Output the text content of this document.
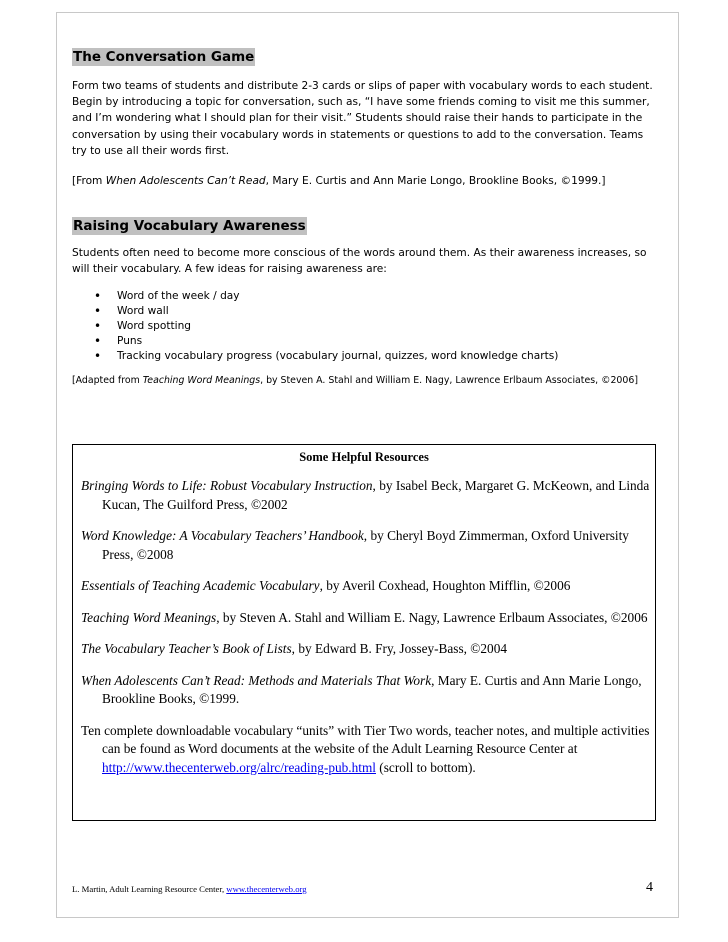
The Conversation Game
Form two teams of students and distribute 2-3 cards or slips of paper with vocabulary words to each student.
Begin by introducing a topic for conversation, such as, “I have some friends coming to visit me this summer,
and I’m wondering what I should plan for their visit.” Students should raise their hands to participate in the
conversation by using their vocabulary words in statements or questions to add to the conversation. Teams
try to use all their words first.

[From When Adolescents Can’t Read, Mary E. Curtis and Ann Marie Longo, Brookline Books, ©1999.]

Raising Vocabulary Awareness
Students often need to become more conscious of the words around them. As their awareness increases, so
will their vocabulary. A few ideas for raising awareness are:
• Word of the week / day
• Word wall
• Word spotting
• Puns
• Tracking vocabulary progress (vocabulary journal, quizzes, word knowledge charts)

[Adapted from Teaching Word Meanings, by Steven A. Stahl and William E. Nagy, Lawrence Erlbaum Associates, ©2006]

Some Helpful Resources

Bringing Words to Life: Robust Vocabulary Instruction, by Isabel Beck, Margaret G. McKeown, and Linda Kucan, The Guilford Press, ©2002

Word Knowledge: A Vocabulary Teachers’ Handbook, by Cheryl Boyd Zimmerman, Oxford University Press, ©2008

Essentials of Teaching Academic Vocabulary, by Averil Coxhead, Houghton Mifflin, ©2006

Teaching Word Meanings, by Steven A. Stahl and William E. Nagy, Lawrence Erlbaum Associates, ©2006

The Vocabulary Teacher’s Book of Lists, by Edward B. Fry, Jossey-Bass, ©2004

When Adolescents Can’t Read: Methods and Materials That Work, Mary E. Curtis and Ann Marie Longo, Brookline Books, ©1999.

Ten complete downloadable vocabulary “units” with Tier Two words, teacher notes, and multiple activities can be found as Word documents at the website of the Adult Learning Resource Center at http://www.thecenterweb.org/alrc/reading-pub.html (scroll to bottom).

L. Martin, Adult Learning Resource Center, www.thecenterweb.org	4
